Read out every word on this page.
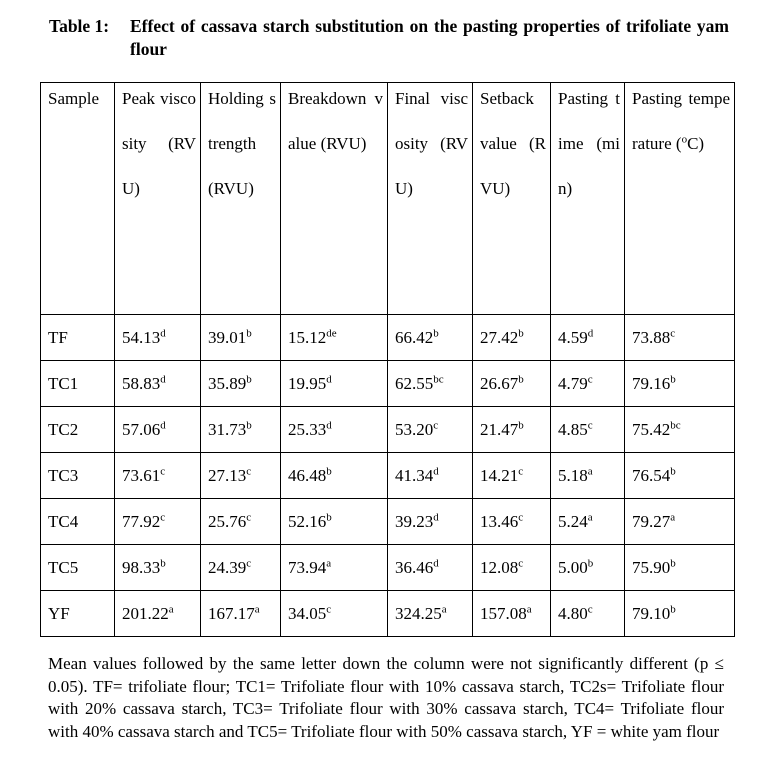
Table 1: Effect of cassava starch substitution on the pasting properties of trifoliate yam flour
Sample	Peak viscosity (RVU)	Holding strength (RVU)	Breakdown value (RVU)	Final viscosity (RVU)	Setback value (RVU)	Pasting time (min)	Pasting temperature ($^o$C)

TF	54.13$^d$	39.01$^b$	15.12de	66.42$^b$	27.42$^b$	4.59$^d$	73.88$^c$
TC1	58.83$^d$	35.89$^b$	19.95$^d$	62.55$^{bc}$	26.67$^b$	4.79$^c$	79.16$^b$
TC2	57.06$^d$	31.73$^b$	25.33$^d$	53.20$^c$	21.47$^b$	4.85$^c$	75.42$^{bc}$
TC3	73.61$^c$	27.13$^c$	46.48$^b$	41.34$^d$	14.21$^c$	5.18$^a$	76.54$^b$
TC4	77.92$^c$	25.76$^c$	52.16$^b$	39.23$^d$	13.46$^c$	5.24$^a$	79.27$^a$
TC5	98.33$^b$	24.39$^c$	73.94$^a$	36.46$^d$	12.08$^c$	5.00$^b$	75.90$^b$
YF	201.22$^a$	167.17$^a$	34.05$^c$	324.25$^a$	157.08$^a$	4.80$^c$	79.10$^b$
Mean values followed by the same letter down the column were not significantly different (p ≤ 0.05). TF= trifoliate flour; TC1= Trifoliate flour with 10% cassava starch, TC2s= Trifoliate flour with 20% cassava starch, TC3= Trifoliate flour with 30% cassava starch, TC4= Trifoliate flour with 40% cassava starch and TC5= Trifoliate flour with 50% cassava starch, YF = white yam flour
